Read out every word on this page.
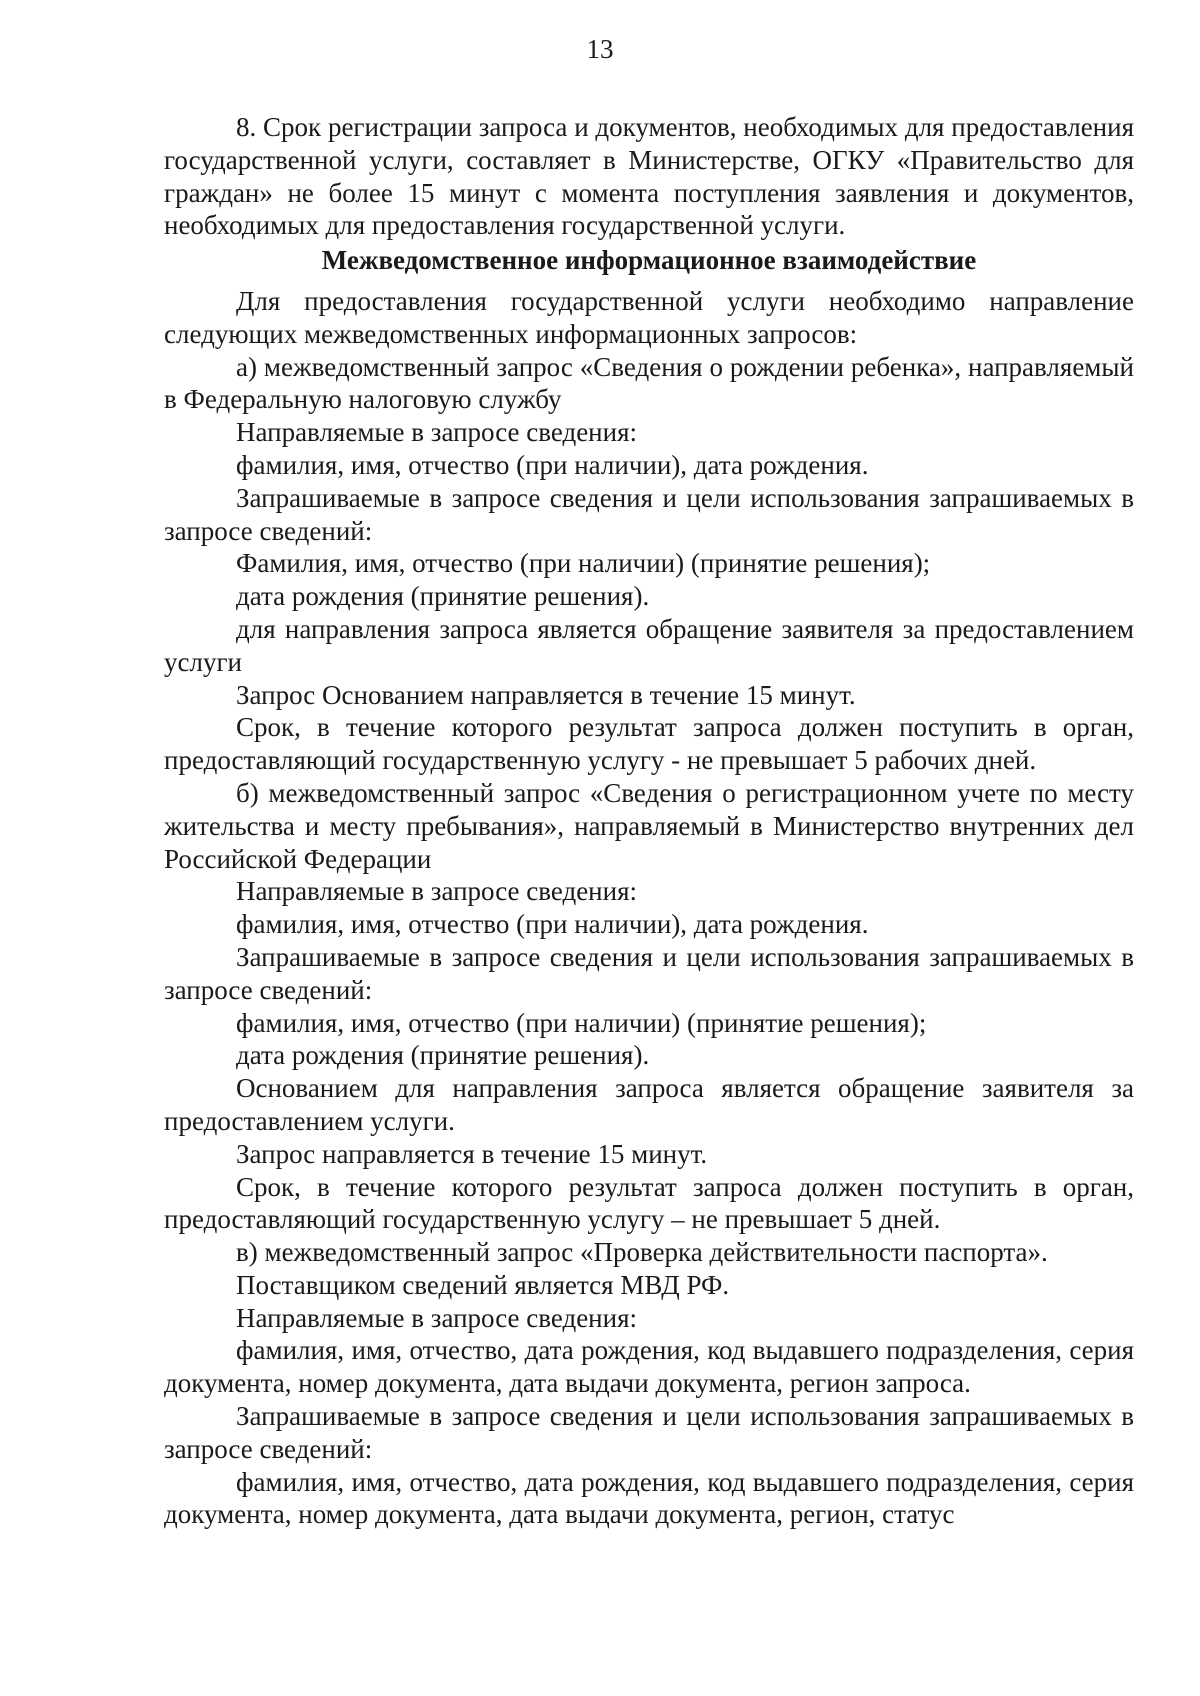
13

8. Срок регистрации запроса и документов, необходимых для предоставления государственной услуги, составляет в Министерстве, ОГКУ «Правительство для граждан» не более 15 минут с момента поступления заявления и документов, необходимых для предоставления государственной услуги.

Межведомственное информационное взаимодействие

Для предоставления государственной услуги необходимо направление следующих межведомственных информационных запросов:

а) межведомственный запрос «Сведения о рождении ребенка», направляемый в Федеральную налоговую службу

Направляемые в запросе сведения:

фамилия, имя, отчество (при наличии), дата рождения.

Запрашиваемые в запросе сведения и цели использования запрашиваемых в запросе сведений:

Фамилия, имя, отчество (при наличии) (принятие решения);

дата рождения (принятие решения).

для направления запроса является обращение заявителя за предоставлением услуги

Запрос Основанием направляется в течение 15 минут.

Срок, в течение которого результат запроса должен поступить в орган, предоставляющий государственную услугу - не превышает 5 рабочих дней.

б) межведомственный запрос «Сведения о регистрационном учете по месту жительства и месту пребывания», направляемый в Министерство внутренних дел Российской Федерации

Направляемые в запросе сведения:

фамилия, имя, отчество (при наличии), дата рождения.

Запрашиваемые в запросе сведения и цели использования запрашиваемых в запросе сведений:

фамилия, имя, отчество (при наличии) (принятие решения);

дата рождения (принятие решения).

Основанием для направления запроса является обращение заявителя за предоставлением услуги.

Запрос направляется в течение 15 минут.

Срок, в течение которого результат запроса должен поступить в орган, предоставляющий государственную услугу – не превышает 5 дней.

в) межведомственный запрос «Проверка действительности паспорта».

Поставщиком сведений является МВД РФ.

Направляемые в запросе сведения:

фамилия, имя, отчество, дата рождения, код выдавшего подразделения, серия документа, номер документа, дата выдачи документа, регион запроса.

Запрашиваемые в запросе сведения и цели использования запрашиваемых в запросе сведений:

фамилия, имя, отчество, дата рождения, код выдавшего подразделения, серия документа, номер документа, дата выдачи документа, регион, статус
